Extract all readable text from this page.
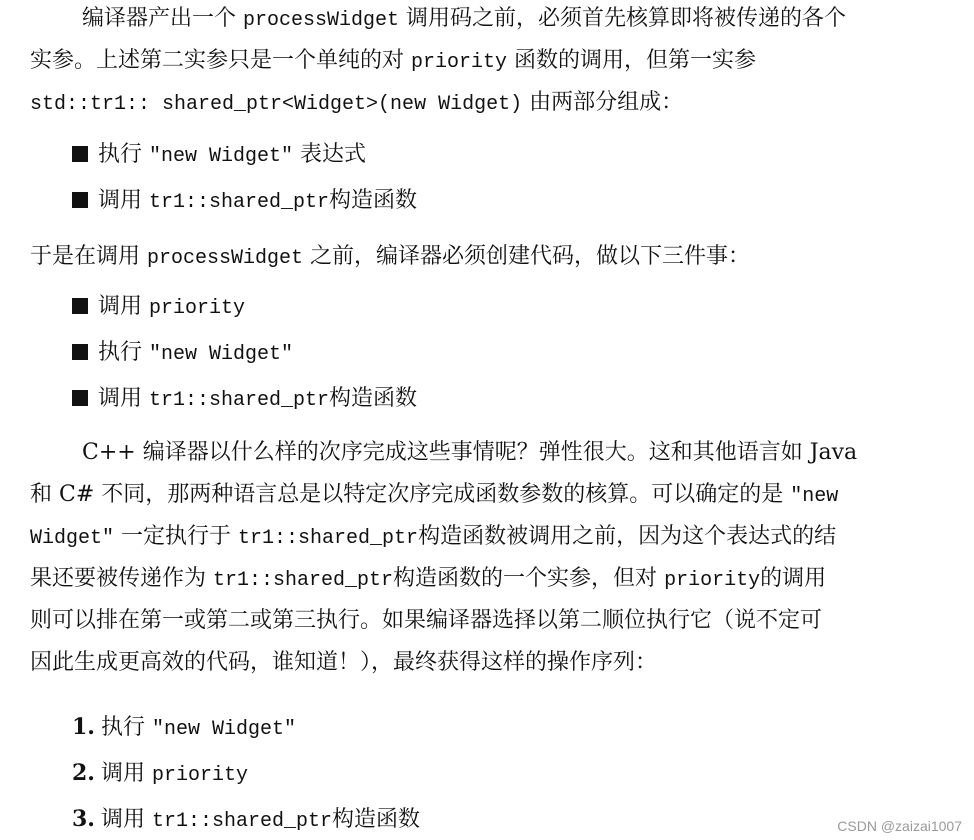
编译器产出一个 processWidget 调用码之前，必须首先核算即将被传递的各个
实参。上述第二实参只是一个单纯的对 priority 函数的调用，但第一实参
std::tr1:: shared_ptr<Widget>(new Widget) 由两部分组成：
执行 "new Widget" 表达式
调用 tr1::shared_ptr构造函数
于是在调用 processWidget 之前，编译器必须创建代码，做以下三件事：
调用 priority
执行 "new Widget"
调用 tr1::shared_ptr构造函数
C++ 编译器以什么样的次序完成这些事情呢？弹性很大。这和其他语言如 Java
和 C# 不同，那两种语言总是以特定次序完成函数参数的核算。可以确定的是 "new
Widget" 一定执行于 tr1::shared_ptr构造函数被调用之前，因为这个表达式的结
果还要被传递作为 tr1::shared_ptr构造函数的一个实参，但对 priority的调用
则可以排在第一或第二或第三执行。如果编译器选择以第二顺位执行它（说不定可
因此生成更高效的代码，谁知道！），最终获得这样的操作序列：
1. 执行 "new Widget"
2. 调用 priority
3. 调用 tr1::shared_ptr构造函数	CSDN @zaizai1007
